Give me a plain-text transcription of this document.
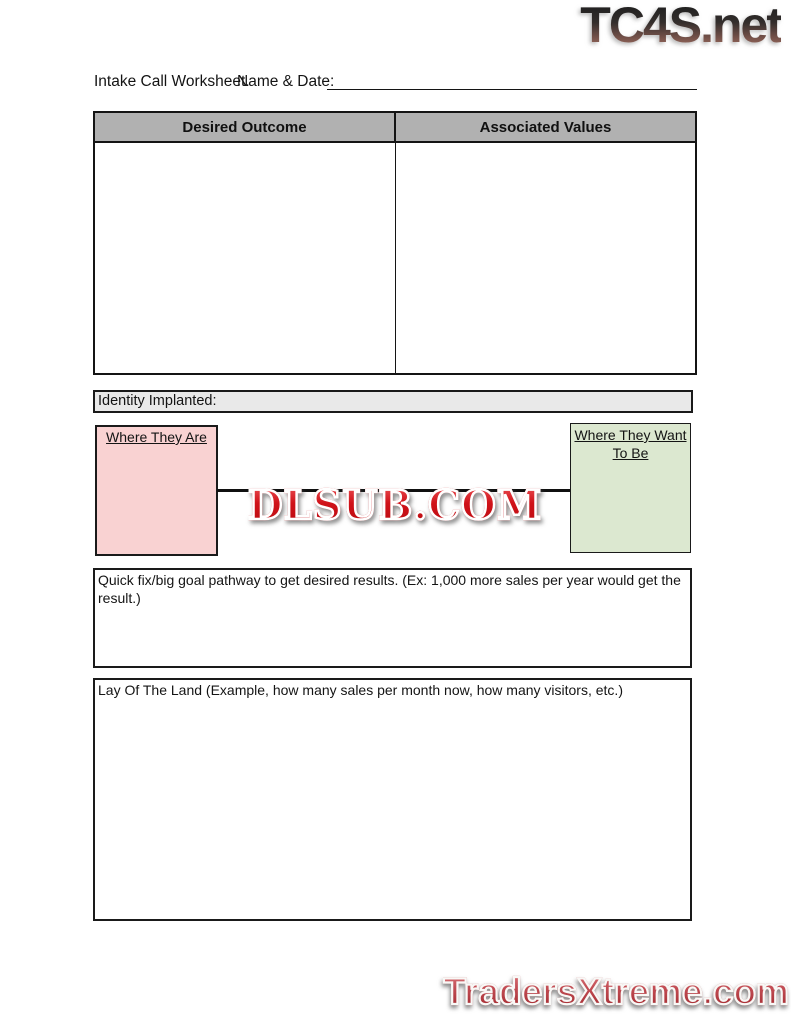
TC4S.net
Intake Call Worksheet.
Name & Date:
Desired Outcome	Associated Values

Identity Implanted:
Where They Are	Where They Want To Be
DLSUB.COM
Quick fix/big goal pathway to get desired results. (Ex: 1,000 more sales per year would get the result.)
Lay Of The Land (Example, how many sales per month now, how many visitors, etc.)
TradersXtreme.com
